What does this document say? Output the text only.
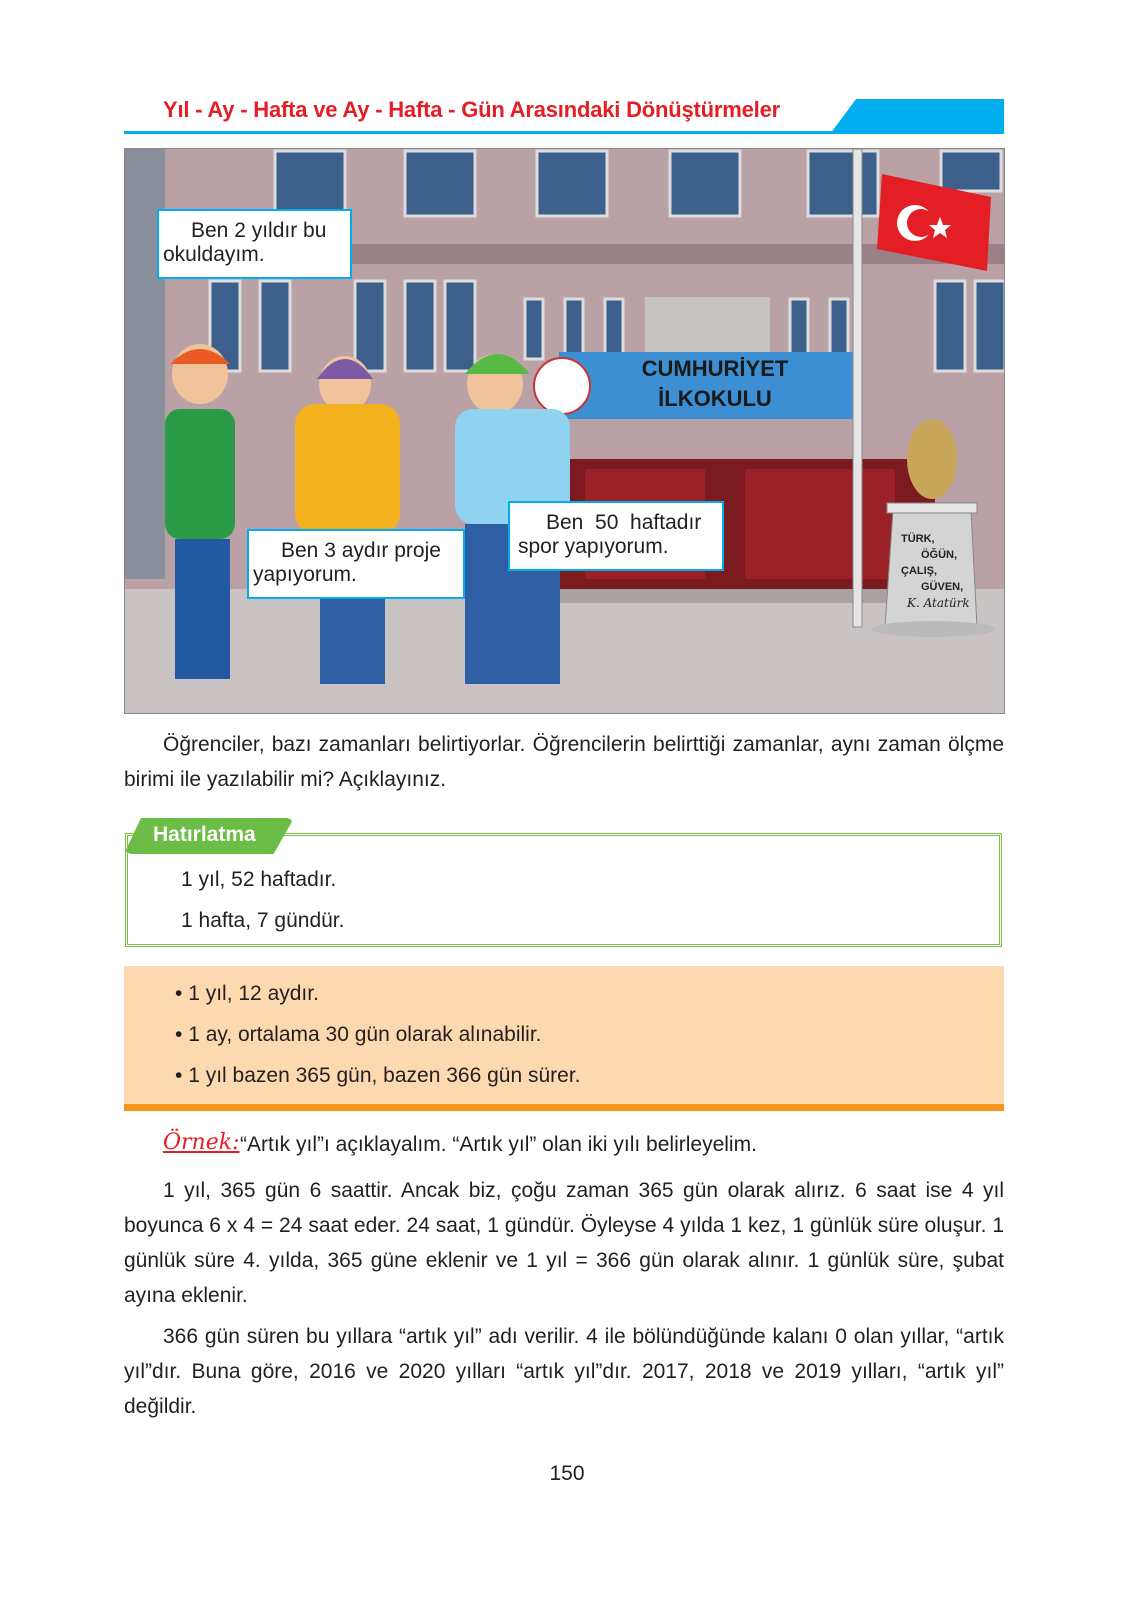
Yıl - Ay - Hafta ve Ay - Hafta - Gün Arasındaki Dönüştürmeler
CUMHURİYET
İLKOKULU
TÜRK,
ÖĞÜN,
ÇALIŞ,
GÜVEN,
K. Atatürk
Ben 2 yıldır bu
okuldayım.
Ben 3 aydır proje
yapıyorum.
Ben  50  haftadır
spor yapıyorum.
Öğrenciler, bazı zamanları belirtiyorlar. Öğrencilerin belirttiği zamanlar, aynı zaman ölçme birimi ile yazılabilir mi? Açıklayınız.
Hatırlatma
1 yıl, 52 haftadır.
1 hafta, 7 gündür.
• 1 yıl, 12 aydır.
• 1 ay, ortalama 30 gün olarak alınabilir.
• 1 yıl bazen 365 gün, bazen 366 gün sürer.
Örnek: “Artık yıl”ı açıklayalım. “Artık yıl” olan iki yılı belirleyelim.
1 yıl, 365 gün 6 saattir. Ancak biz, çoğu zaman 365 gün olarak alırız. 6 saat ise 4 yıl boyunca 6 x 4 = 24 saat eder. 24 saat, 1 gündür. Öyleyse 4 yılda 1 kez, 1 günlük süre oluşur. 1 günlük süre 4. yılda, 365 güne eklenir ve 1 yıl = 366 gün olarak alınır. 1 günlük süre, şubat ayına eklenir.
366 gün süren bu yıllara “artık yıl” adı verilir. 4 ile bölündüğünde kalanı 0 olan yıllar, “artık yıl”dır. Buna göre, 2016 ve 2020 yılları “artık yıl”dır. 2017, 2018 ve 2019 yılları, “artık yıl” değildir.
150
